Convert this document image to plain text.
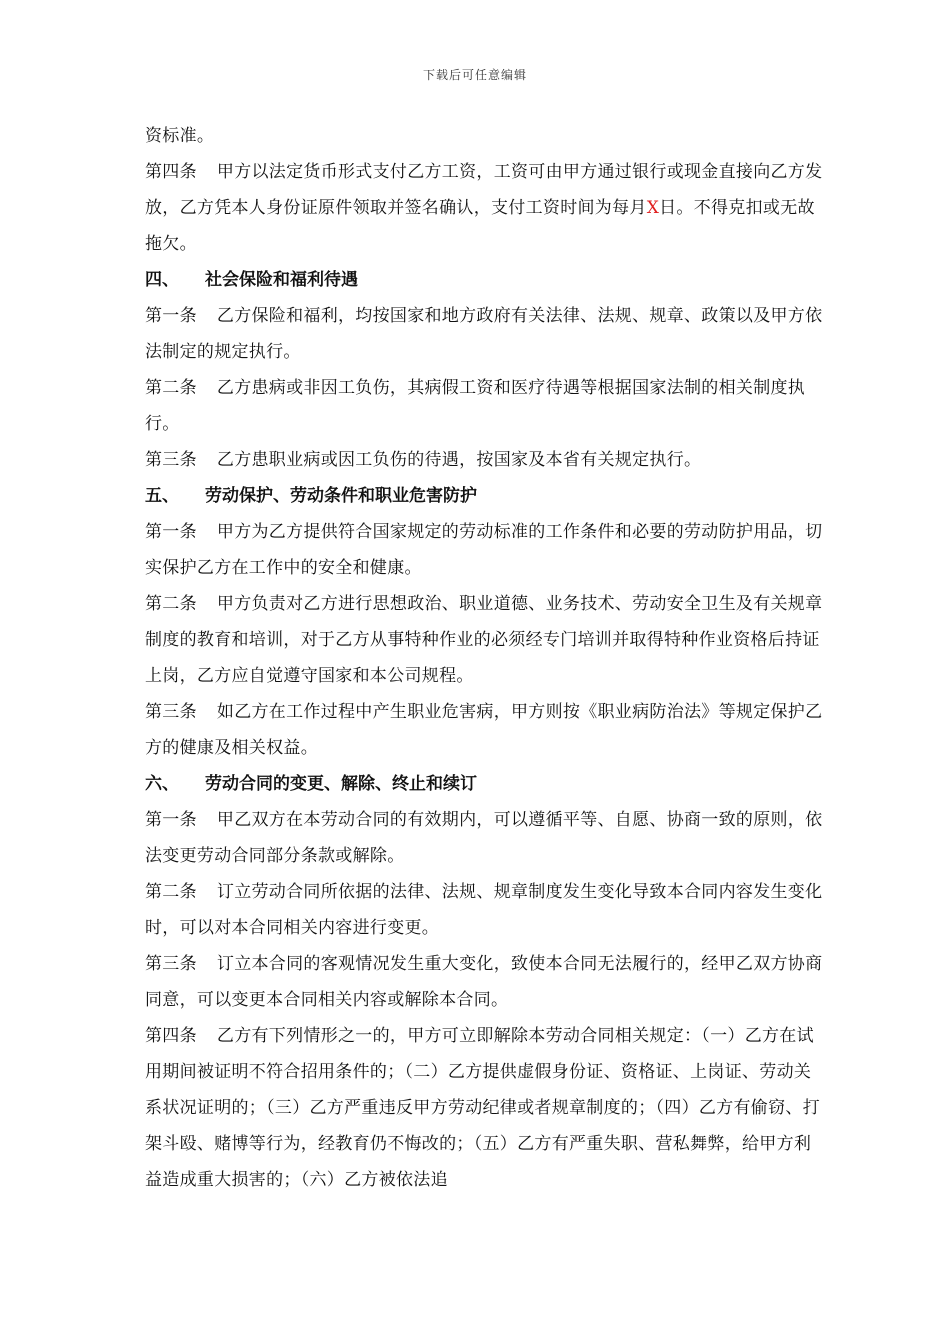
下载后可任意编辑

资标准。

第四条 甲方以法定货币形式支付乙方工资，工资可由甲方通过银行或现金直接向乙方发放，乙方凭本人身份证原件领取并签名确认，支付工资时间为每月X日。不得克扣或无故拖欠。

四、 社会保险和福利待遇

第一条 乙方保险和福利，均按国家和地方政府有关法律、法规、规章、政策以及甲方依法制定的规定执行。

第二条 乙方患病或非因工负伤，其病假工资和医疗待遇等根据国家法制的相关制度执行。

第三条 乙方患职业病或因工负伤的待遇，按国家及本省有关规定执行。

五、 劳动保护、劳动条件和职业危害防护

第一条 甲方为乙方提供符合国家规定的劳动标准的工作条件和必要的劳动防护用品，切实保护乙方在工作中的安全和健康。

第二条 甲方负责对乙方进行思想政治、职业道德、业务技术、劳动安全卫生及有关规章制度的教育和培训，对于乙方从事特种作业的必须经专门培训并取得特种作业资格后持证上岗，乙方应自觉遵守国家和本公司规程。

第三条 如乙方在工作过程中产生职业危害病，甲方则按《职业病防治法》等规定保护乙方的健康及相关权益。

六、 劳动合同的变更、解除、终止和续订

第一条 甲乙双方在本劳动合同的有效期内，可以遵循平等、自愿、协商一致的原则，依法变更劳动合同部分条款或解除。

第二条 订立劳动合同所依据的法律、法规、规章制度发生变化导致本合同内容发生变化时，可以对本合同相关内容进行变更。

第三条 订立本合同的客观情况发生重大变化，致使本合同无法履行的，经甲乙双方协商同意，可以变更本合同相关内容或解除本合同。

第四条 乙方有下列情形之一的，甲方可立即解除本劳动合同相关规定：（一）乙方在试用期间被证明不符合招用条件的；（二）乙方提供虚假身份证、资格证、上岗证、劳动关系状况证明的；（三）乙方严重违反甲方劳动纪律或者规章制度的；（四）乙方有偷窃、打架斗殴、赌博等行为，经教育仍不悔改的；（五）乙方有严重失职、营私舞弊，给甲方利益造成重大损害的；（六）乙方被依法追
